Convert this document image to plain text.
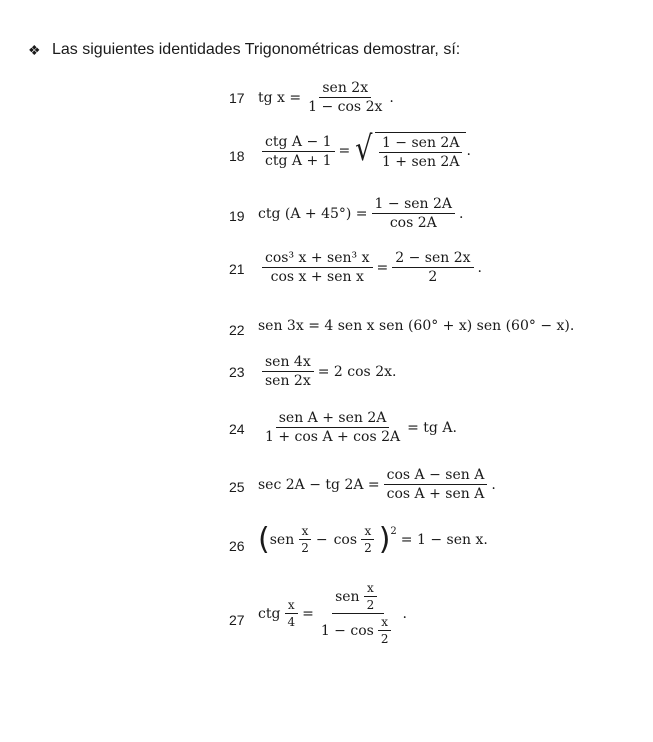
❖ Las siguientes identidades Trigonométricas demostrar, sí:
17 tg $x = \frac{\text{sen 2x}}{1 - \cos 2x}$ .
$18 \frac{\text{ctg A − 1}}{\text{ctg A + 1}}$ = √ $\frac{\text{1 − sen 2A}}{\text{1 + sen 2A}}$ .
19 ctg $(A + 45^\circ) = \frac{\text{1 − sen 2A}}{\cos 2A}$ .
$21 \frac{\text{cos³ x + sen³ x}}{\text{cos x + sen x}} = \frac{\text{2 − sen 2x}}{2}$ .
22 sen 3x = 4 sen x sen (60° + x) sen (60° − x).
$23 \frac{\text{sen 4x}}{\text{sen 2x}} = 2$ cos 2x.
$24 \frac{\text{sen A + sen 2A}}{\text{1 + cos A + cos 2A}}$ = tg A.
25 sec 2A − tg $2A = \frac{\text{cos A − sen A}}{\text{cos A + sen A}}$ .
26 ( sen $\frac{x}{2} - \cos \frac{x}{2} )^2 = 1$ − sen x.
27 ctg $\frac{x}{4} = \frac{sen \frac{x}{2}}{1 - \cos \frac{x}{2}}$ .
